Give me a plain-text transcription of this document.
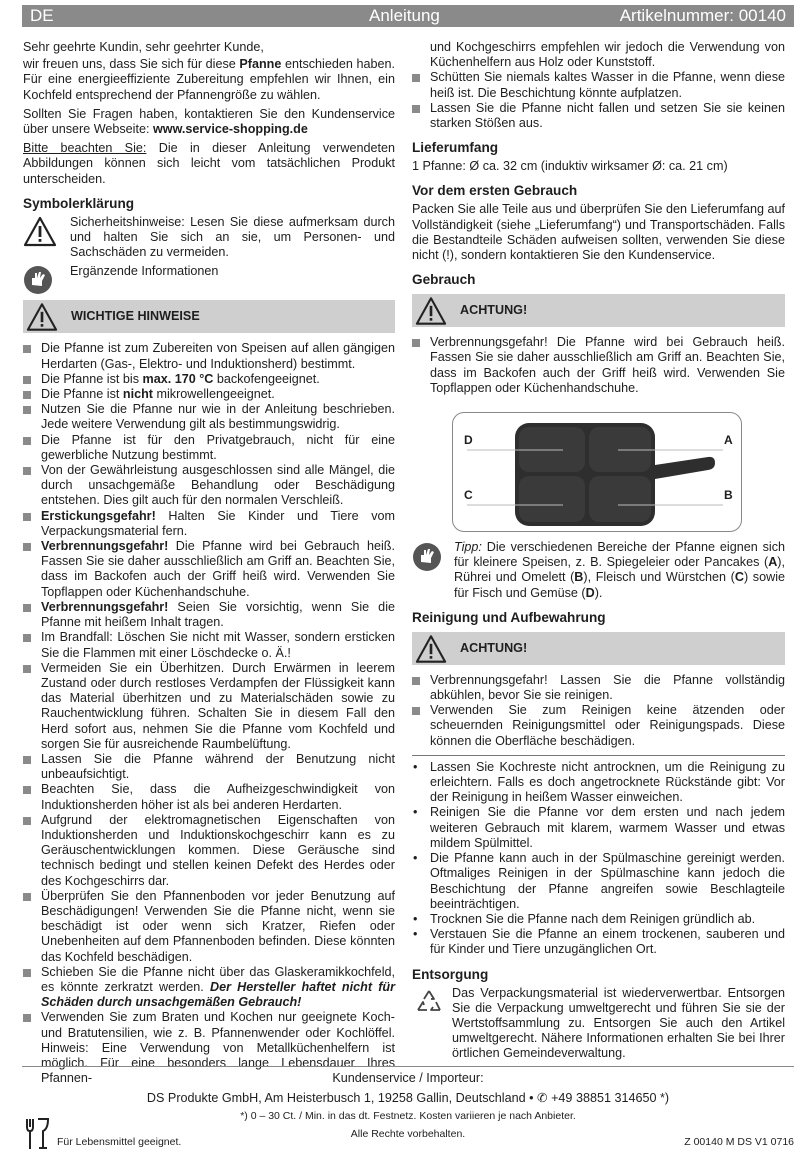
DE	Anleitung	Artikelnummer: 00140

Sehr geehrte Kundin, sehr geehrter Kunde,

wir freuen uns, dass Sie sich für diese Pfanne entschieden haben. Für eine energieeffiziente Zubereitung empfehlen wir Ihnen, ein Kochfeld entsprechend der Pfannengröße zu wählen.

Sollten Sie Fragen haben, kontaktieren Sie den Kundenservice über unsere Webseite: www.service-shopping.de

Bitte beachten Sie: Die in dieser Anleitung verwendeten Abbildungen können sich leicht vom tatsächlichen Produkt unterscheiden.

Symbolerklärung

Sicherheitshinweise: Lesen Sie diese aufmerksam durch und halten Sie sich an sie, um Personen- und Sachschäden zu vermeiden.

Ergänzende Informationen

WICHTIGE HINWEISE
Die Pfanne ist zum Zubereiten von Speisen auf allen gängigen Herdarten (Gas-, Elektro- und Induktionsherd) bestimmt.
Die Pfanne ist bis max. 170 °C backofengeeignet.
Die Pfanne ist nicht mikrowellengeeignet.
Nutzen Sie die Pfanne nur wie in der Anleitung beschrieben. Jede weitere Verwendung gilt als bestimmungswidrig.
Die Pfanne ist für den Privatgebrauch, nicht für eine gewerbliche Nutzung bestimmt.
Von der Gewährleistung ausgeschlossen sind alle Mängel, die durch unsachgemäße Behandlung oder Beschädigung entstehen. Dies gilt auch für den normalen Verschleiß.
Erstickungsgefahr! Halten Sie Kinder und Tiere vom Verpackungsmaterial fern.
Verbrennungsgefahr! Die Pfanne wird bei Gebrauch heiß. Fassen Sie sie daher ausschließlich am Griff an. Beachten Sie, dass im Backofen auch der Griff heiß wird. Verwenden Sie Topflappen oder Küchenhandschuhe.
Verbrennungsgefahr! Seien Sie vorsichtig, wenn Sie die Pfanne mit heißem Inhalt tragen.
Im Brandfall: Löschen Sie nicht mit Wasser, sondern ersticken Sie die Flammen mit einer Löschdecke o. Ä.!
Vermeiden Sie ein Überhitzen. Durch Erwärmen in leerem Zustand oder durch restloses Verdampfen der Flüssigkeit kann das Material überhitzen und zu Materialschäden sowie zu Rauchentwicklung führen. Schalten Sie in diesem Fall den Herd sofort aus, nehmen Sie die Pfanne vom Kochfeld und sorgen Sie für ausreichende Raumbelüftung.
Lassen Sie die Pfanne während der Benutzung nicht unbeaufsichtigt.
Beachten Sie, dass die Aufheizgeschwindigkeit von Induktionsherden höher ist als bei anderen Herdarten.
Aufgrund der elektromagnetischen Eigenschaften von Induktionsherden und Induktionskochgeschirr kann es zu Geräuschentwicklungen kommen. Diese Geräusche sind technisch bedingt und stellen keinen Defekt des Herdes oder des Kochgeschirrs dar.
Überprüfen Sie den Pfannenboden vor jeder Benutzung auf Beschädigungen! Verwenden Sie die Pfanne nicht, wenn sie beschädigt ist oder wenn sich Kratzer, Riefen oder Unebenheiten auf dem Pfannenboden befinden. Diese könnten das Kochfeld beschädigen.
Schieben Sie die Pfanne nicht über das Glaskeramikkochfeld, es könnte zerkratzt werden. Der Hersteller haftet nicht für Schäden durch unsachgemäßen Gebrauch!
Verwenden Sie zum Braten und Kochen nur geeignete Koch- und Bratutensilien, wie z. B. Pfannenwender oder Kochlöffel. Hinweis: Eine Verwendung von Metallküchenhelfern ist möglich. Für eine besonders lange Lebensdauer Ihres Pfannen-

und Kochgeschirrs empfehlen wir jedoch die Verwendung von Küchenhelfern aus Holz oder Kunststoff.

Schütten Sie niemals kaltes Wasser in die Pfanne, wenn diese heiß ist. Die Beschichtung könnte aufplatzen.
Lassen Sie die Pfanne nicht fallen und setzen Sie sie keinen starken Stößen aus.
Lieferumfang

1 Pfanne: Ø ca. 32 cm (induktiv wirksamer Ø: ca. 21 cm)

Vor dem ersten Gebrauch

Packen Sie alle Teile aus und überprüfen Sie den Lieferumfang auf Vollständigkeit (siehe „Lieferumfang“) und Transportschäden. Falls die Bestandteile Schäden aufweisen sollten, verwenden Sie diese nicht (!), sondern kontaktieren Sie den Kundenservice.

Gebrauch
ACHTUNG!
Verbrennungsgefahr! Die Pfanne wird bei Gebrauch heiß. Fassen Sie sie daher ausschließlich am Griff an. Beachten Sie, dass im Backofen auch der Griff heiß wird. Verwenden Sie Topflappen oder Küchenhandschuhe.
D
C
A
B

Tipp: Die verschiedenen Bereiche der Pfanne eignen sich für kleinere Speisen, z. B. Spiegeleier oder Pancakes (A), Rührei und Omelett (B), Fleisch und Würstchen (C) sowie für Fisch und Gemüse (D).

Reinigung und Aufbewahrung
ACHTUNG!
Verbrennungsgefahr! Lassen Sie die Pfanne vollständig abkühlen, bevor Sie sie reinigen.
Verwenden Sie zum Reinigen keine ätzenden oder scheuernden Reinigungsmittel oder Reinigungspads. Diese können die Oberfläche beschädigen.
• Lassen Sie Kochreste nicht antrocknen, um die Reinigung zu erleichtern. Falls es doch angetrocknete Rückstände gibt: Vor der Reinigung in heißem Wasser einweichen.
• Reinigen Sie die Pfanne vor dem ersten und nach jedem weiteren Gebrauch mit klarem, warmem Wasser und etwas mildem Spülmittel.
• Die Pfanne kann auch in der Spülmaschine gereinigt werden. Oftmaliges Reinigen in der Spülmaschine kann jedoch die Beschichtung der Pfanne angreifen sowie Beschlagteile beeinträchtigen.
• Trocknen Sie die Pfanne nach dem Reinigen gründlich ab.
• Verstauen Sie die Pfanne an einem trockenen, sauberen und für Kinder und Tiere unzugänglichen Ort.
Entsorgung

Das Verpackungsmaterial ist wiederverwertbar. Entsorgen Sie die Verpackung umweltgerecht und führen Sie sie der Wertstoffsammlung zu. Entsorgen Sie auch den Artikel umweltgerecht. Nähere Informationen erhalten Sie bei Ihrer örtlichen Gemeindeverwaltung.

Kundenservice / Importeur:
DS Produkte GmbH, Am Heisterbusch 1, 19258 Gallin, Deutschland • ✆ +49 38851 314650 *)
*) 0 – 30 Ct. / Min. in das dt. Festnetz. Kosten variieren je nach Anbieter.
Alle Rechte vorbehalten.
Für Lebensmittel geeignet.	Z 00140 M DS V1 0716
